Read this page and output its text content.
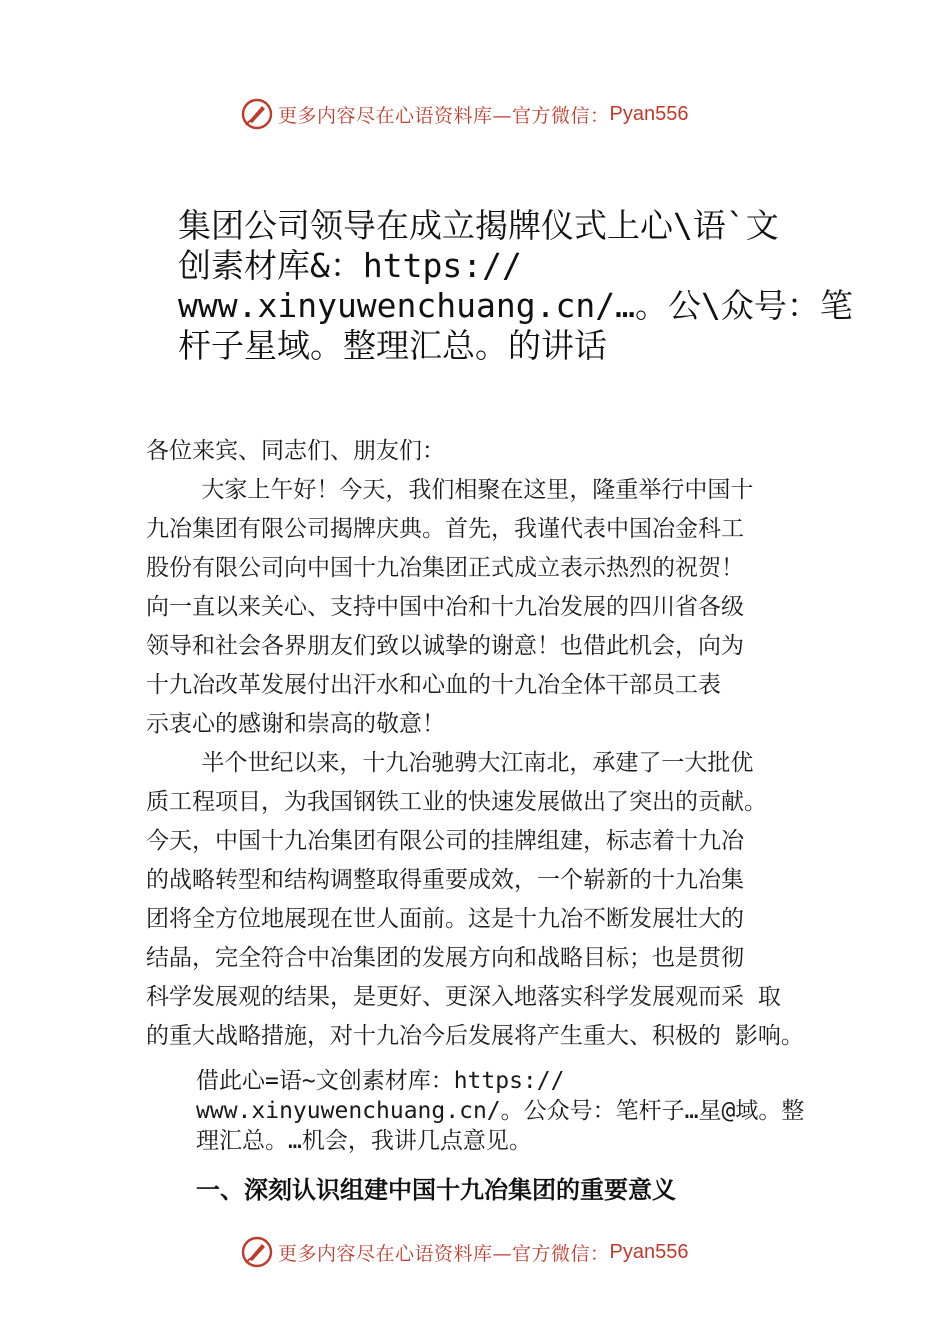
更多内容尽在心语资料库—官方微信： Pyan556
集团公司领导在成立揭牌仪式上心\语`文
创素材库&：https://
www.xinyuwenchuang.cn/…。公\众号：笔
杆子星域。整理汇总。的讲话
各位来宾、同志们、朋友们：
大家上午好！今天，我们相聚在这里，隆重举行中国十
九冶集团有限公司揭牌庆典。首先，我谨代表中国冶金科工
股份有限公司向中国十九冶集团正式成立表示热烈的祝贺！
向一直以来关心、支持中国中冶和十九冶发展的四川省各级
领导和社会各界朋友们致以诚挚的谢意！也借此机会，向为
十九冶改革发展付出汗水和心血的十九冶全体干部员工表
示衷心的感谢和崇高的敬意！
半个世纪以来，十九冶驰骋大江南北，承建了一大批优
质工程项目，为我国钢铁工业的快速发展做出了突出的贡献。
今天，中国十九冶集团有限公司的挂牌组建，标志着十九冶
的战略转型和结构调整取得重要成效，一个崭新的十九冶集
团将全方位地展现在世人面前。这是十九冶不断发展壮大的
结晶，完全符合中冶集团的发展方向和战略目标；也是贯彻
科学发展观的结果，是更好、更深入地落实科学发展观而采 取
的重大战略措施，对十九冶今后发展将产生重大、积极的 影响。
借此心=语~文创素材库：https://
www.xinyuwenchuang.cn/。公众号：笔杆子…星@域。整
理汇总。…机会，我讲几点意见。
一、深刻认识组建中国十九冶集团的重要意义
更多内容尽在心语资料库—官方微信： Pyan556
